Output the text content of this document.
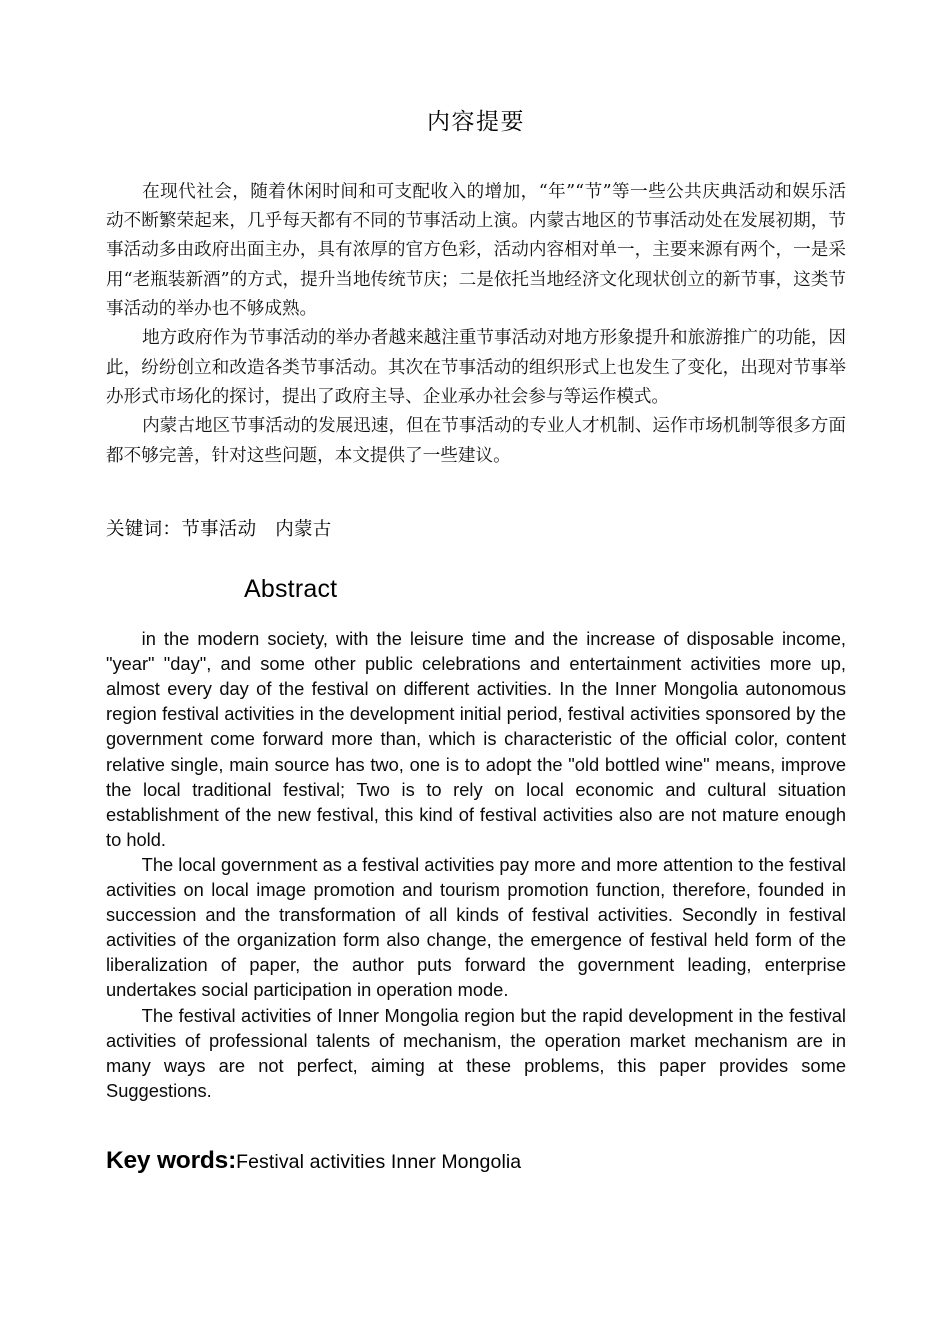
内容提要

在现代社会，随着休闲时间和可支配收入的增加，“年”“节”等一些公共庆典活动和娱乐活动不断繁荣起来，几乎每天都有不同的节事活动上演。内蒙古地区的节事活动处在发展初期，节事活动多由政府出面主办，具有浓厚的官方色彩，活动内容相对单一，主要来源有两个，一是采用“老瓶装新酒”的方式，提升当地传统节庆；二是依托当地经济文化现状创立的新节事，这类节事活动的举办也不够成熟。

地方政府作为节事活动的举办者越来越注重节事活动对地方形象提升和旅游推广的功能，因此，纷纷创立和改造各类节事活动。其次在节事活动的组织形式上也发生了变化，出现对节事举办形式市场化的探讨，提出了政府主导、企业承办社会参与等运作模式。

内蒙古地区节事活动的发展迅速，但在节事活动的专业人才机制、运作市场机制等很多方面都不够完善，针对这些问题，本文提供了一些建议。

关键词：节事活动　内蒙古
Abstract

in the modern society, with the leisure time and the increase of disposable income, "year" "day", and some other public celebrations and entertainment activities more up, almost every day of the festival on different activities. In the Inner Mongolia autonomous region festival activities in the development initial period, festival activities sponsored by the government come forward more than, which is characteristic of the official color, content relative single, main source has two, one is to adopt the "old bottled wine" means, improve the local traditional festival; Two is to rely on local economic and cultural situation establishment of the new festival, this kind of festival activities also are not mature enough to hold.

The local government as a festival activities pay more and more attention to the festival activities on local image promotion and tourism promotion function, therefore, founded in succession and the transformation of all kinds of festival activities. Secondly in festival activities of the organization form also change, the emergence of festival held form of the liberalization of paper, the author puts forward the government leading, enterprise undertakes social participation in operation mode.

The festival activities of Inner Mongolia region but the rapid development in the festival activities of professional talents of mechanism, the operation market mechanism are in many ways are not perfect, aiming at these problems, this paper provides some Suggestions.

Key words:Festival activities Inner Mongolia
